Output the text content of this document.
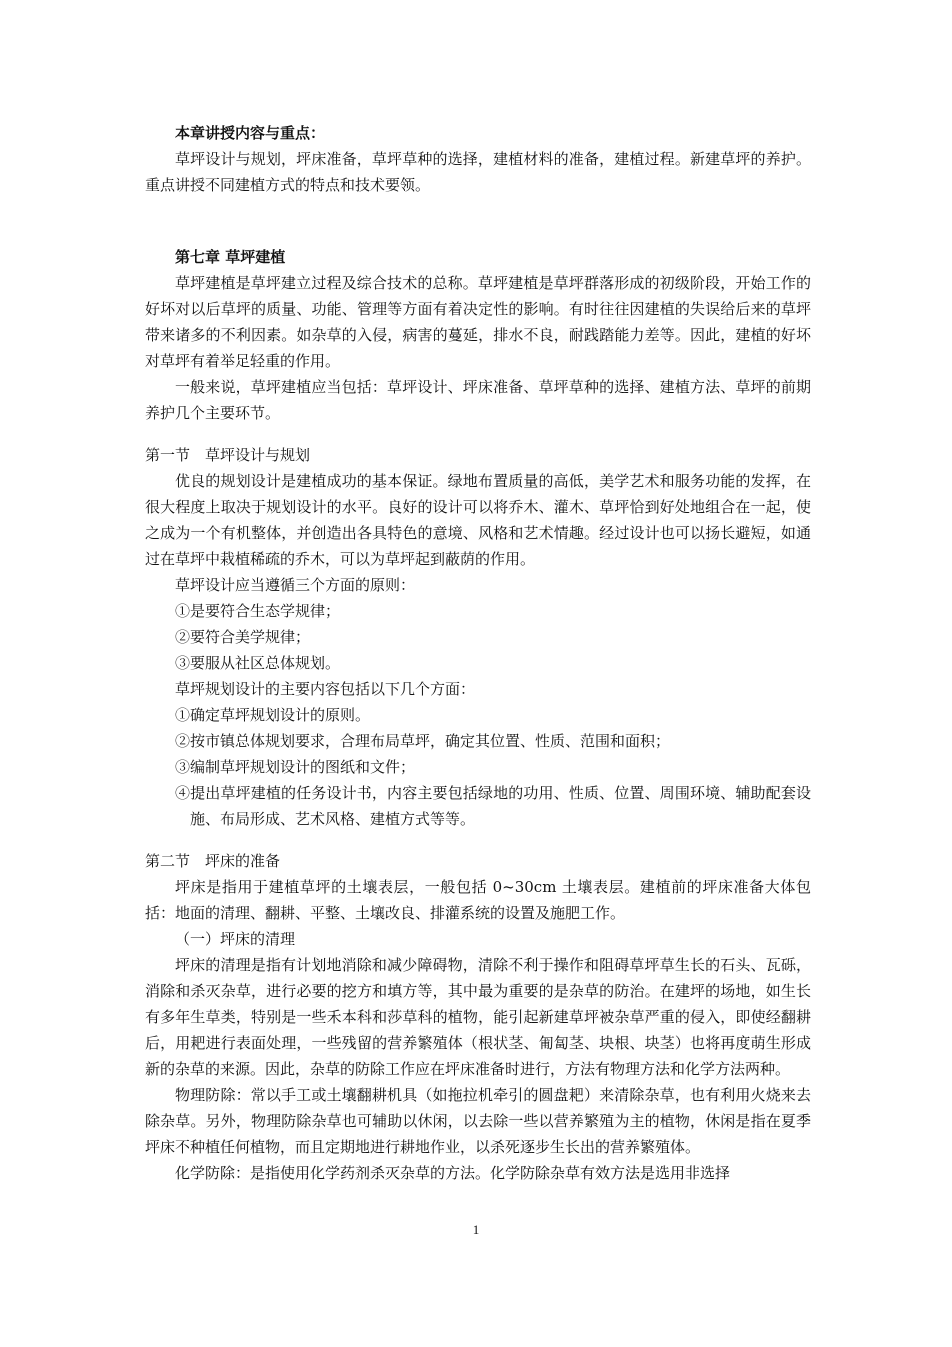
本章讲授内容与重点：

草坪设计与规划，坪床准备，草坪草种的选择，建植材料的准备，建植过程。新建草坪的养护。重点讲授不同建植方式的特点和技术要领。

第七章 草坪建植

草坪建植是草坪建立过程及综合技术的总称。草坪建植是草坪群落形成的初级阶段，开始工作的好坏对以后草坪的质量、功能、管理等方面有着决定性的影响。有时往往因建植的失误给后来的草坪带来诸多的不利因素。如杂草的入侵，病害的蔓延，排水不良，耐践踏能力差等。因此，建植的好坏对草坪有着举足轻重的作用。

一般来说，草坪建植应当包括：草坪设计、坪床准备、草坪草种的选择、建植方法、草坪的前期养护几个主要环节。

第一节　草坪设计与规划

优良的规划设计是建植成功的基本保证。绿地布置质量的高低，美学艺术和服务功能的发挥，在很大程度上取决于规划设计的水平。良好的设计可以将乔木、灌木、草坪恰到好处地组合在一起，使之成为一个有机整体，并创造出各具特色的意境、风格和艺术情趣。经过设计也可以扬长避短，如通过在草坪中栽植稀疏的乔木，可以为草坪起到蔽荫的作用。

草坪设计应当遵循三个方面的原则：

①是要符合生态学规律；

②要符合美学规律；

③要服从社区总体规划。

草坪规划设计的主要内容包括以下几个方面：

①确定草坪规划设计的原则。

②按市镇总体规划要求，合理布局草坪，确定其位置、性质、范围和面积；

③编制草坪规划设计的图纸和文件；

④提出草坪建植的任务设计书，内容主要包括绿地的功用、性质、位置、周围环境、辅助配套设施、布局形成、艺术风格、建植方式等等。

第二节　坪床的准备

坪床是指用于建植草坪的土壤表层，一般包括 0~30cm 土壤表层。建植前的坪床准备大体包括：地面的清理、翻耕、平整、土壤改良、排灌系统的设置及施肥工作。

（一）坪床的清理

坪床的清理是指有计划地消除和减少障碍物，清除不利于操作和阻碍草坪草生长的石头、瓦砾，消除和杀灭杂草，进行必要的挖方和填方等，其中最为重要的是杂草的防治。在建坪的场地，如生长有多年生草类，特别是一些禾本科和莎草科的植物，能引起新建草坪被杂草严重的侵入，即使经翻耕后，用耙进行表面处理，一些残留的营养繁殖体（根状茎、匍匐茎、块根、块茎）也将再度萌生形成新的杂草的来源。因此，杂草的防除工作应在坪床准备时进行，方法有物理方法和化学方法两种。

物理防除：常以手工或土壤翻耕机具（如拖拉机牵引的圆盘耙）来清除杂草，也有利用火烧来去除杂草。另外，物理防除杂草也可辅助以休闲，以去除一些以营养繁殖为主的植物，休闲是指在夏季坪床不种植任何植物，而且定期地进行耕地作业，以杀死逐步生长出的营养繁殖体。

化学防除：是指使用化学药剂杀灭杂草的方法。化学防除杂草有效方法是选用非选择

1
